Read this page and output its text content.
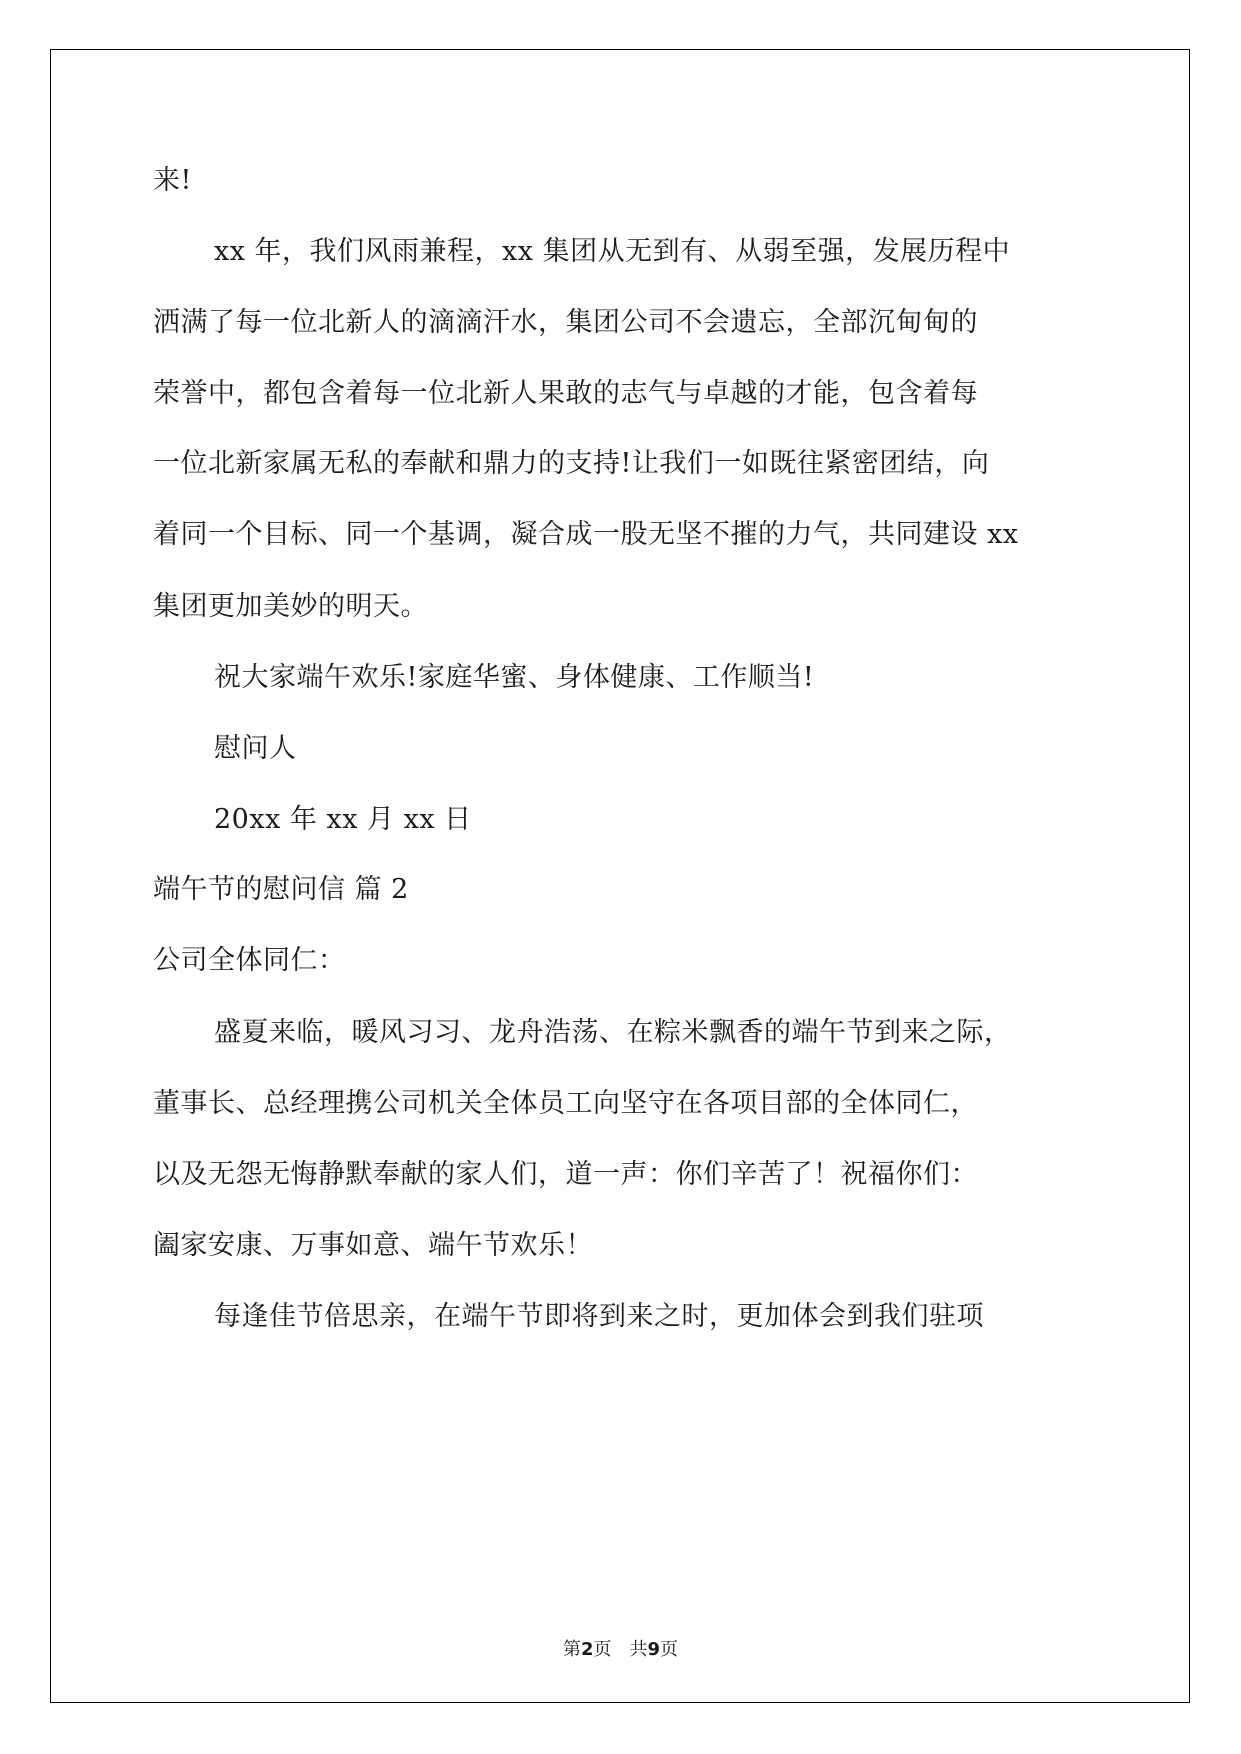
来!
xx 年，我们风雨兼程，xx 集团从无到有、从弱至强，发展历程中
洒满了每一位北新人的滴滴汗水，集团公司不会遗忘，全部沉甸甸的
荣誉中，都包含着每一位北新人果敢的志气与卓越的才能，包含着每
一位北新家属无私的奉献和鼎力的支持!让我们一如既往紧密团结，向
着同一个目标、同一个基调，凝合成一股无坚不摧的力气，共同建设 xx
集团更加美妙的明天。
祝大家端午欢乐!家庭华蜜、身体健康、工作顺当!
慰问人
20xx 年 xx 月 xx 日
端午节的慰问信 篇 2
公司全体同仁：
盛夏来临，暖风习习、龙舟浩荡、在粽米飘香的端午节到来之际，
董事长、总经理携公司机关全体员工向坚守在各项目部的全体同仁，
以及无怨无悔静默奉献的家人们，道一声：你们辛苦了！祝福你们：
阖家安康、万事如意、端午节欢乐！
每逢佳节倍思亲，在端午节即将到来之时，更加体会到我们驻项
第2页　共9页
